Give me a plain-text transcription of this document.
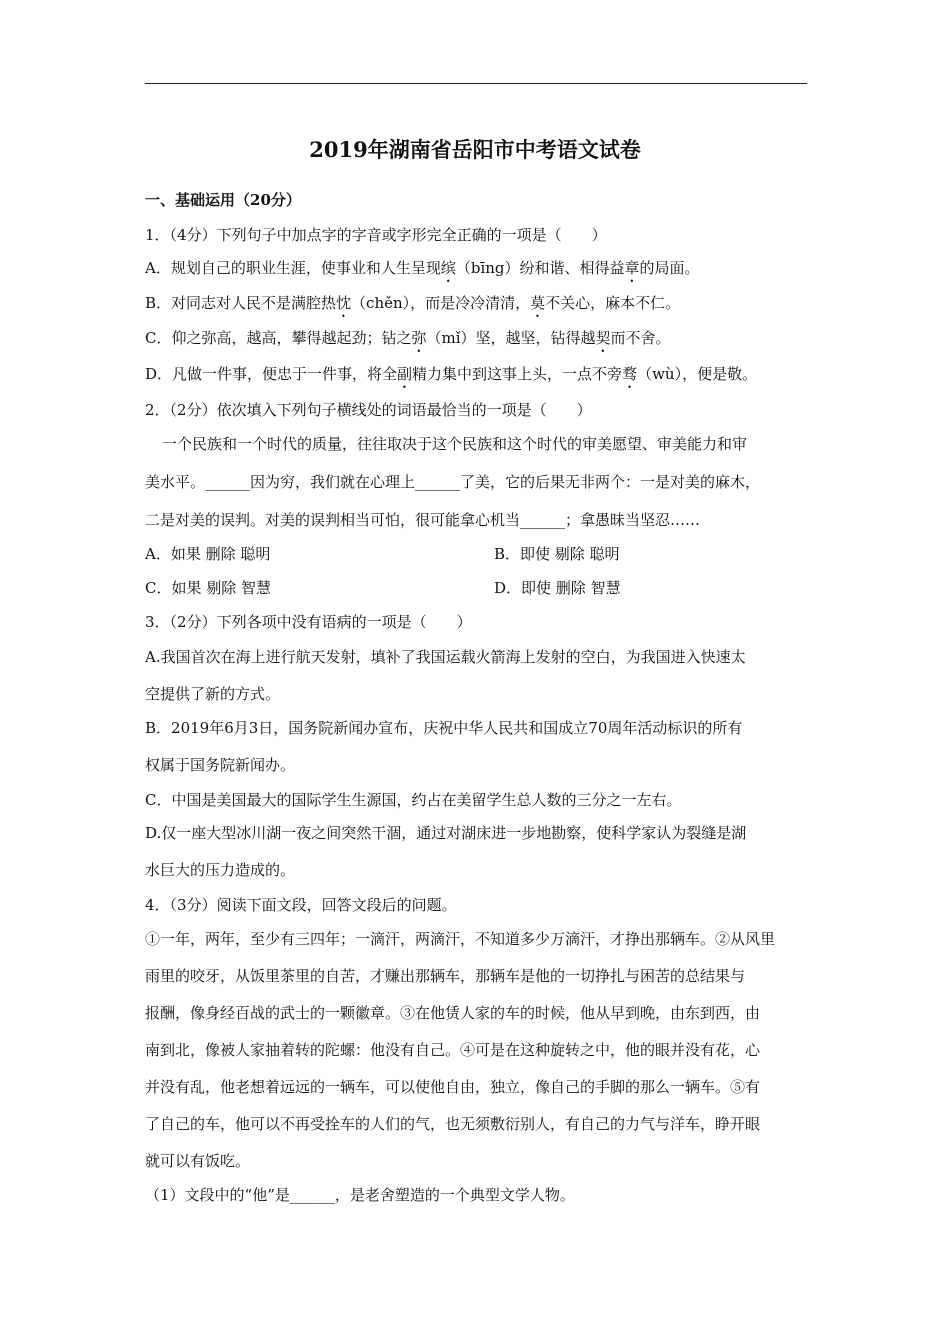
2019年湖南省岳阳市中考语文试卷
一、基础运用（20分）
1．（4分）下列句子中加点字的字音或字形完全正确的一项是（　　）
A．规划自己的职业生涯，使事业和人生呈现缤（bīng）纷和谐、相得益章的局面。
B．对同志对人民不是满腔热忱（chěn），而是冷冷清清，莫不关心，麻本不仁。
C．仰之弥高，越高，攀得越起劲；钻之弥（mǐ）坚，越坚，钻得越契而不舍。
D．凡做一件事，便忠于一件事，将全副精力集中到这事上头，一点不旁骛（wù），便是敬。
2．（2分）依次填入下列句子横线处的词语最恰当的一项是（　　）
一个民族和一个时代的质量，往往取决于这个民族和这个时代的审美愿望、审美能力和审
美水平。______因为穷，我们就在心理上______了美，它的后果无非两个：一是对美的麻木，
二是对美的误判。对美的误判相当可怕，很可能拿心机当______；拿愚昧当坚忍……
A．如果 删除 聪明	B．即使 剔除 聪明
C．如果 剔除 智慧	D．即使 删除 智慧
3．（2分）下列各项中没有语病的一项是（　　）
A.我国首次在海上进行航天发射，填补了我国运载火箭海上发射的空白，为我国进入快速太
空提供了新的方式。
B．2019年6月3日，国务院新闻办宣布，庆祝中华人民共和国成立70周年活动标识的所有
权属于国务院新闻办。
C．中国是美国最大的国际学生生源国，约占在美留学生总人数的三分之一左右。
D.仅一座大型冰川湖一夜之间突然干涸，通过对湖床进一步地勘察，使科学家认为裂缝是湖
水巨大的压力造成的。
4．（3分）阅读下面文段，回答文段后的问题。
①一年，两年，至少有三四年；一滴汗，两滴汗，不知道多少万滴汗，才挣出那辆车。②从风里
雨里的咬牙，从饭里茶里的自苦，才赚出那辆车，那辆车是他的一切挣扎与困苦的总结果与
报酬，像身经百战的武士的一颗徽章。③在他赁人家的车的时候，他从早到晚，由东到西，由
南到北，像被人家抽着转的陀螺：他没有自己。④可是在这种旋转之中，他的眼并没有花，心
并没有乱，他老想着远远的一辆车，可以使他自由，独立，像自己的手脚的那么一辆车。⑤有
了自己的车，他可以不再受拴车的人们的气，也无须敷衍别人，有自己的力气与洋车，睁开眼
就可以有饭吃。
（1）文段中的“他”是______，是老舍塑造的一个典型文学人物。
